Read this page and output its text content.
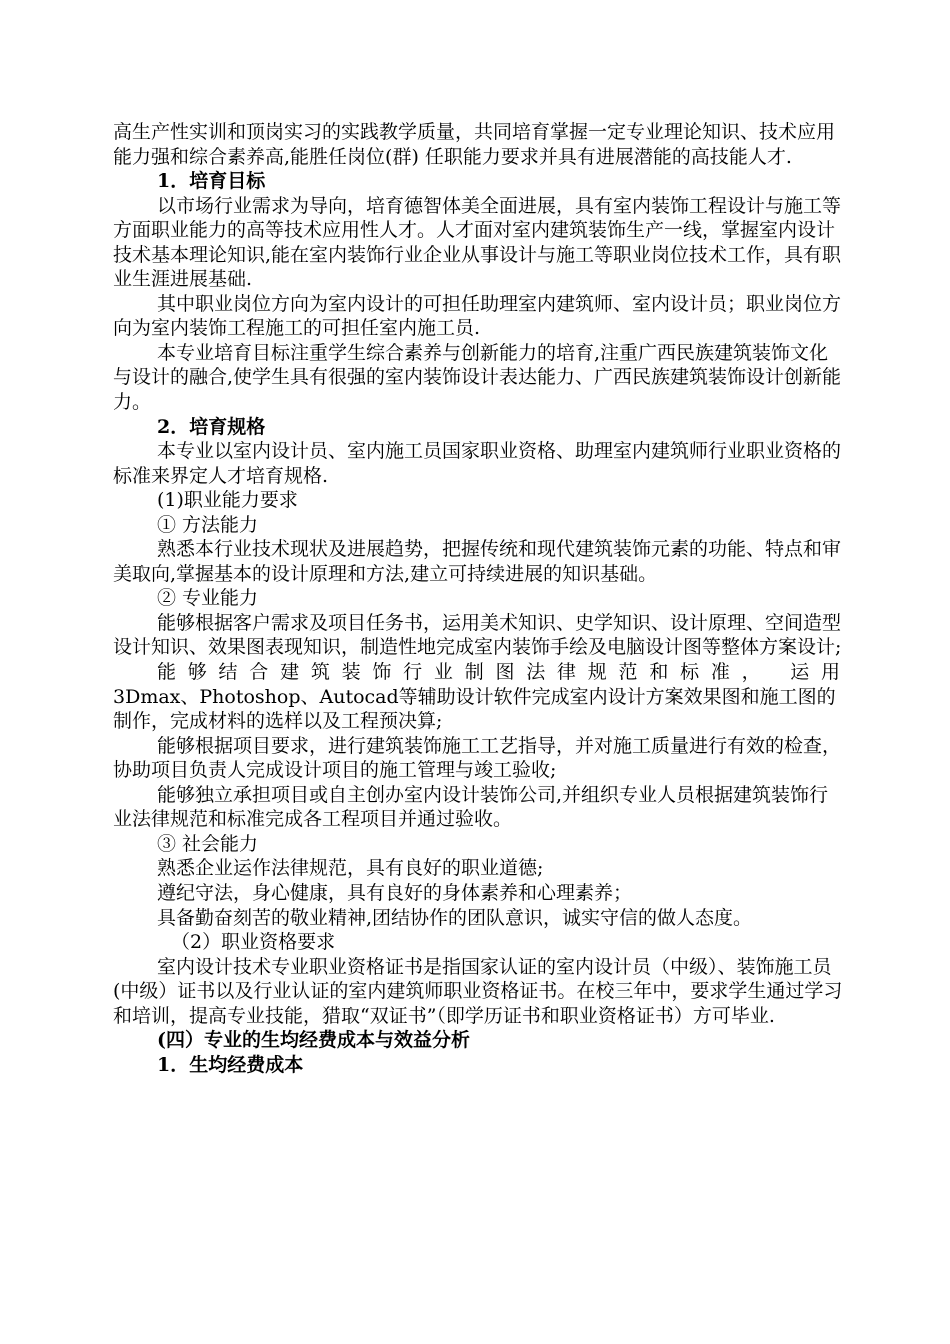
高生产性实训和顶岗实习的实践教学质量，共同培育掌握一定专业理论知识、技术应用能力强和综合素养高,能胜任岗位(群) 任职能力要求并具有进展潜能的高技能人才.

1．培育目标

以市场行业需求为导向，培育德智体美全面进展，具有室内装饰工程设计与施工等方面职业能力的高等技术应用性人才。人才面对室内建筑装饰生产一线，掌握室内设计技术基本理论知识,能在室内装饰行业企业从事设计与施工等职业岗位技术工作，具有职业生涯进展基础.

其中职业岗位方向为室内设计的可担任助理室内建筑师、室内设计员；职业岗位方向为室内装饰工程施工的可担任室内施工员.

本专业培育目标注重学生综合素养与创新能力的培育,注重广西民族建筑装饰文化与设计的融合,使学生具有很强的室内装饰设计表达能力、广西民族建筑装饰设计创新能力。

2．培育规格

本专业以室内设计员、室内施工员国家职业资格、助理室内建筑师行业职业资格的标准来界定人才培育规格.

(1)职业能力要求

① 方法能力

熟悉本行业技术现状及进展趋势，把握传统和现代建筑装饰元素的功能、特点和审美取向,掌握基本的设计原理和方法,建立可持续进展的知识基础。

② 专业能力

能够根据客户需求及项目任务书，运用美术知识、史学知识、设计原理、空间造型设计知识、效果图表现知识，制造性地完成室内装饰手绘及电脑设计图等整体方案设计;

能够结合建筑装饰行业制图法律规范和标准， 运用

3Dmax、Photoshop、Autocad等辅助设计软件完成室内设计方案效果图和施工图的制作，完成材料的选样以及工程预决算;

能够根据项目要求，进行建筑装饰施工工艺指导，并对施工质量进行有效的检查，协助项目负责人完成设计项目的施工管理与竣工验收;

能够独立承担项目或自主创办室内设计装饰公司,并组织专业人员根据建筑装饰行业法律规范和标准完成各工程项目并通过验收。

③ 社会能力

熟悉企业运作法律规范，具有良好的职业道德;

遵纪守法，身心健康，具有良好的身体素养和心理素养；

具备勤奋刻苦的敬业精神,团结协作的团队意识，诚实守信的做人态度。

（2）职业资格要求

室内设计技术专业职业资格证书是指国家认证的室内设计员（中级）、装饰施工员(中级）证书以及行业认证的室内建筑师职业资格证书。在校三年中，要求学生通过学习和培训，提高专业技能，猎取“双证书”（即学历证书和职业资格证书）方可毕业.

(四）专业的生均经费成本与效益分析

1．生均经费成本
